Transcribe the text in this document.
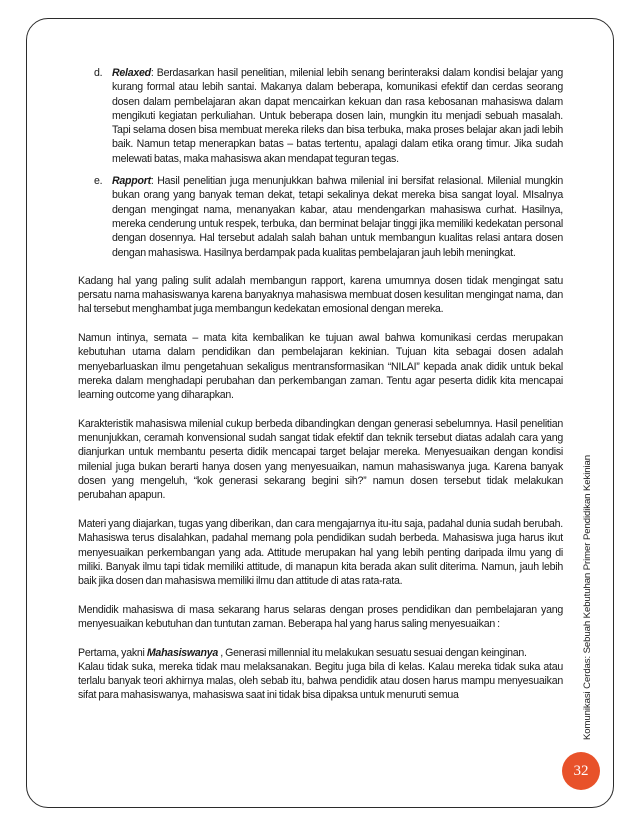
d. Relaxed: Berdasarkan hasil penelitian, milenial lebih senang berinteraksi dalam kondisi belajar yang kurang formal atau lebih santai. Makanya dalam beberapa, komunikasi efektif dan cerdas seorang dosen dalam pembelajaran akan dapat mencairkan kekuan dan rasa kebosanan mahasiswa dalam mengikuti kegiatan perkuliahan. Untuk beberapa dosen lain, mungkin itu menjadi sebuah masalah. Tapi selama dosen bisa membuat mereka rileks dan bisa terbuka, maka proses belajar akan jadi lebih baik. Namun tetap menerapkan batas – batas tertentu, apalagi dalam etika orang timur. Jika sudah melewati batas, maka mahasiswa akan mendapat teguran tegas.
e. Rapport: Hasil penelitian juga menunjukkan bahwa milenial ini bersifat relasional. Milenial mungkin bukan orang yang banyak teman dekat, tetapi sekalinya dekat mereka bisa sangat loyal. MIsalnya dengan mengingat nama, menanyakan kabar, atau mendengarkan mahasiswa curhat. Hasilnya, mereka cenderung untuk respek, terbuka, dan berminat belajar tinggi jika memiliki kedekatan personal dengan dosennya. Hal tersebut adalah salah bahan untuk membangun kualitas relasi antara dosen dengan mahasiswa. Hasilnya berdampak pada kualitas pembelajaran jauh lebih meningkat.

Kadang hal yang paling sulit adalah membangun rapport, karena umumnya dosen tidak mengingat satu persatu nama mahasiswanya karena banyaknya mahasiswa membuat dosen kesulitan mengingat nama, dan hal tersebut menghambat juga membangun kedekatan emosional dengan mereka.

Namun intinya, semata – mata kita kembalikan ke tujuan awal bahwa komunikasi cerdas merupakan kebutuhan utama dalam pendidikan dan pembelajaran kekinian. Tujuan kita sebagai dosen adalah menyebarluaskan ilmu pengetahuan sekaligus mentransformasikan “NILAI” kepada anak didik untuk bekal mereka dalam menghadapi perubahan dan perkembangan zaman. Tentu agar peserta didik kita mencapai learning outcome yang diharapkan.

Karakteristik mahasiswa milenial cukup berbeda dibandingkan dengan generasi sebelumnya. Hasil penelitian menunjukkan, ceramah konvensional sudah sangat tidak efektif dan teknik tersebut diatas adalah cara yang dianjurkan untuk membantu peserta didik mencapai target belajar mereka. Menyesuaikan dengan kondisi milenial juga bukan berarti hanya dosen yang menyesuaikan, namun mahasiswanya juga. Karena banyak dosen yang mengeluh, “kok generasi sekarang begini sih?” namun dosen tersebut tidak melakukan perubahan apapun.

Materi yang diajarkan, tugas yang diberikan, dan cara mengajarnya itu-itu saja, padahal dunia sudah berubah. Mahasiswa terus disalahkan, padahal memang pola pendidikan sudah berbeda. Mahasiswa juga harus ikut menyesuaikan perkembangan yang ada. Attitude merupakan hal yang lebih penting daripada ilmu yang di miliki. Banyak ilmu tapi tidak memiliki attitude, di manapun kita berada akan sulit diterima. Namun, jauh lebih baik jika dosen dan mahasiswa memiliki ilmu dan attitude di atas rata-rata.

Mendidik mahasiswa di masa sekarang harus selaras dengan proses pendidikan dan pembelajaran yang menyesuaikan kebutuhan dan tuntutan zaman. Beberapa hal yang harus saling menyesuaikan :

Pertama, yakni Mahasiswanya , Generasi millennial itu melakukan sesuatu sesuai dengan keinginan.
Kalau tidak suka, mereka tidak mau melaksanakan. Begitu juga bila di kelas. Kalau mereka tidak suka atau terlalu banyak teori akhirnya malas, oleh sebab itu, bahwa pendidik atau dosen harus mampu menyesuaikan sifat para mahasiswanya, mahasiswa saat ini tidak bisa dipaksa untuk menuruti semua	Komunikasi Cerdas: Sebuah Kebutuhan Primer Pendidikan Kekinian
32
